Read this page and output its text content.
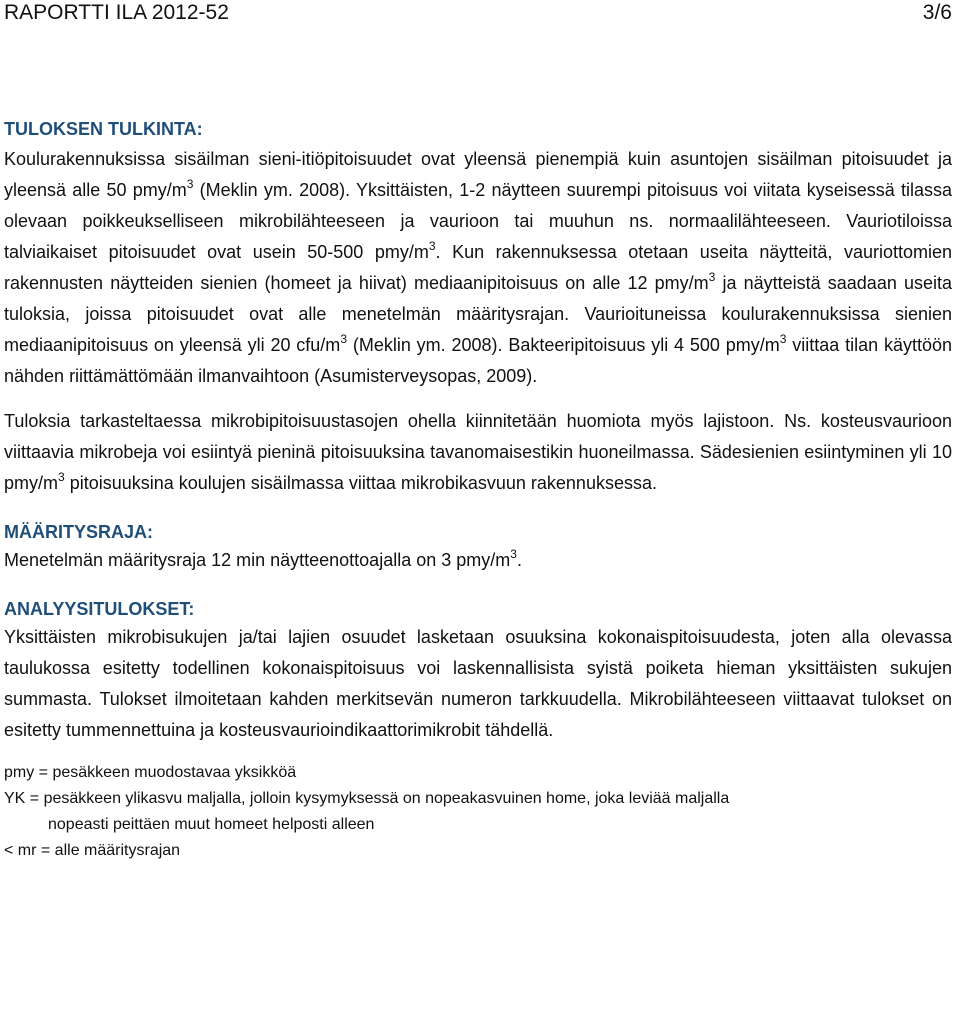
RAPORTTI ILA 2012-52	3/6

TULOKSEN TULKINTA:

Koulurakennuksissa sisäilman sieni-itiöpitoisuudet ovat yleensä pienempiä kuin asuntojen sisäilman pitoisuudet ja yleensä alle 50 pmy/$m^3$ (Meklin ym. 2008). Yksittäisten, 1-2 näytteen suurempi pitoisuus voi viitata kyseisessä tilassa olevaan poikkeukselliseen mikrobilähteeseen ja vaurioon tai muuhun ns. normaalilähteeseen. Vauriotiloissa talviaikaiset pitoisuudet ovat usein 50-500 pmy/$m^3$. Kun rakennuksessa otetaan useita näytteitä, vauriottomien rakennusten näytteiden sienien (homeet ja hiivat) mediaanipitoisuus on alle 12 pmy/$m^3$ ja näytteistä saadaan useita tuloksia, joissa pitoisuudet ovat alle menetelmän määritysrajan. Vaurioituneissa koulurakennuksissa sienien mediaanipitoisuus on yleensä yli 20 cfu/$m^3$ (Meklin ym. 2008). Bakteeripitoisuus yli 4 500 pmy/$m^3$ viittaa tilan käyttöön nähden riittämättömään ilmanvaihtoon (Asumisterveysopas, 2009).

Tuloksia tarkasteltaessa mikrobipitoisuustasojen ohella kiinnitetään huomiota myös lajistoon. Ns. kosteusvaurioon viittaavia mikrobeja voi esiintyä pieninä pitoisuuksina tavanomaisestikin huoneilmassa. Sädesienien esiintyminen yli 10 pmy/$m^3$ pitoisuuksina koulujen sisäilmassa viittaa mikrobikasvuun rakennuksessa.

MÄÄRITYSRAJA:

Menetelmän määritysraja 12 min näytteenottoajalla on 3 pmy/$m^3$.

ANALYYSITULOKSET:

Yksittäisten mikrobisukujen ja/tai lajien osuudet lasketaan osuuksina kokonaispitoisuudesta, joten alla olevassa taulukossa esitetty todellinen kokonaispitoisuus voi laskennallisista syistä poiketa hieman yksittäisten sukujen summasta. Tulokset ilmoitetaan kahden merkitsevän numeron tarkkuudella. Mikrobilähteeseen viittaavat tulokset on esitetty tummennettuina ja kosteusvaurioindikaattorimikrobit tähdellä.

pmy = pesäkkeen muodostavaa yksikköä

YK = pesäkkeen ylikasvu maljalla, jolloin kysymyksessä on nopeakasvuinen home, joka leviää maljalla

nopeasti peittäen muut homeet helposti alleen

< mr = alle määritysrajan
